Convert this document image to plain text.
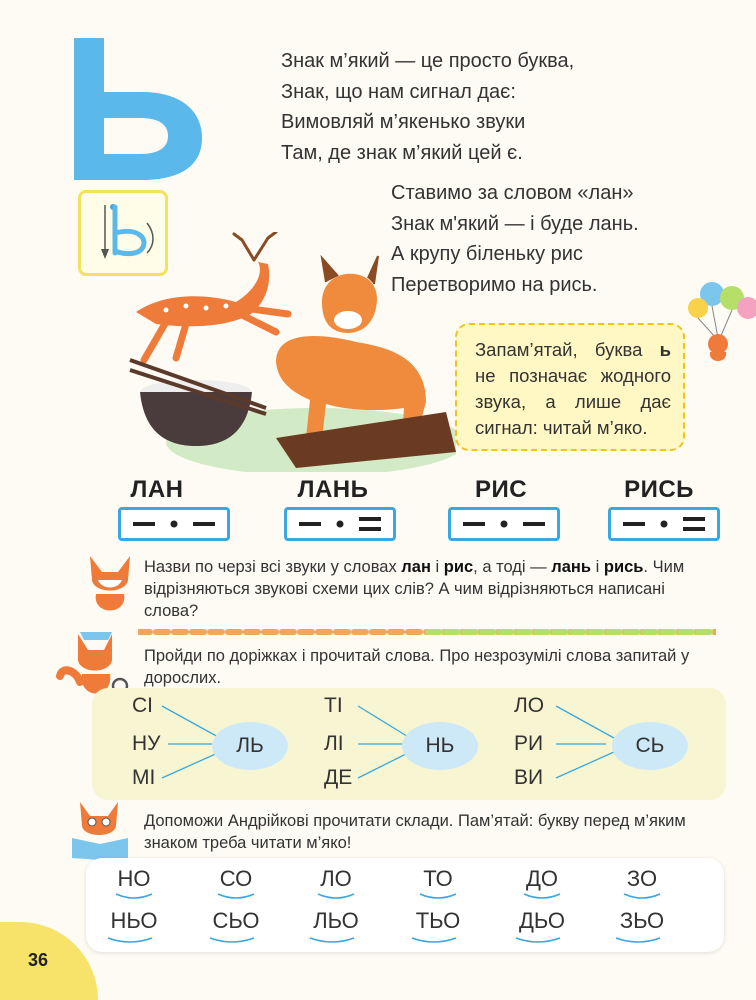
Знак м’який — це просто буква,
Знак, що нам сигнал дає:
Вимовляй м’якенько звуки
Там, де знак м’який цей є.
Ставимо за словом «лан»
Знак м'який — і буде лань.
А крупу біленьку рис
Перетворимо на рись.
Запам’ятай, буква ь не позначає жодного звука, а лише дає сигнал: читай м’яко.
ЛАН	ЛАНЬ	РИС	РИСЬ
Назви по черзі всі звуки у словах лан і рис, а тоді — лань і рись. Чим відрізняються звукові схеми цих слів? А чим відрізняються написані слова?
Пройди по доріжках і прочитай слова. Про незрозумілі слова запитай у дорослих.
СІ
НУ
МІ
ЛЬ
ТІ
ЛІ
ДЕ
НЬ
ЛО
РИ
ВИ
СЬ
Допоможи Андрійкові прочитати склади. Пам’ятай: букву перед м’яким знаком треба читати м’яко!
НО	СО	ЛО	ТО	ДО	ЗО
НЬО	СЬО	ЛЬО	ТЬО	ДЬО	ЗЬО
36
